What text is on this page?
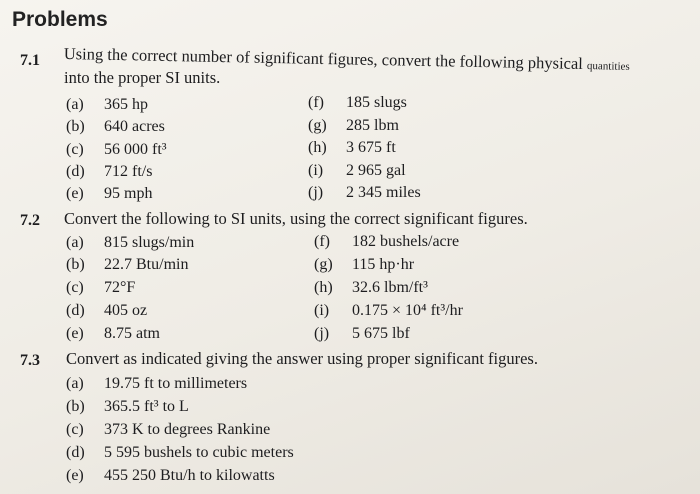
Problems
7.1 Using the correct number of significant figures, convert the following physical quantities
into the proper SI units.
(a) 365 hp
(b) 640 acres
(c) 56 000 ft³
(d) 712 ft/s
(e) 95 mph
(f) 185 slugs
(g) 285 lbm
(h) 3 675 ft
(i) 2 965 gal
(j) 2 345 miles
7.2 Convert the following to SI units, using the correct significant figures.
(a) 815 slugs/min
(b) 22.7 Btu/min
(c) 72°F
(d) 405 oz
(e) 8.75 atm
(f) 182 bushels/acre
(g) 115 hp·hr
(h) 32.6 lbm/ft³
(i) 0.175 × 10⁴ ft³/hr
(j) 5 675 lbf
7.3 Convert as indicated giving the answer using proper significant figures.
(a) 19.75 ft to millimeters
(b) 365.5 ft³ to L
(c) 373 K to degrees Rankine
(d) 5 595 bushels to cubic meters
(e) 455 250 Btu/h to kilowatts
